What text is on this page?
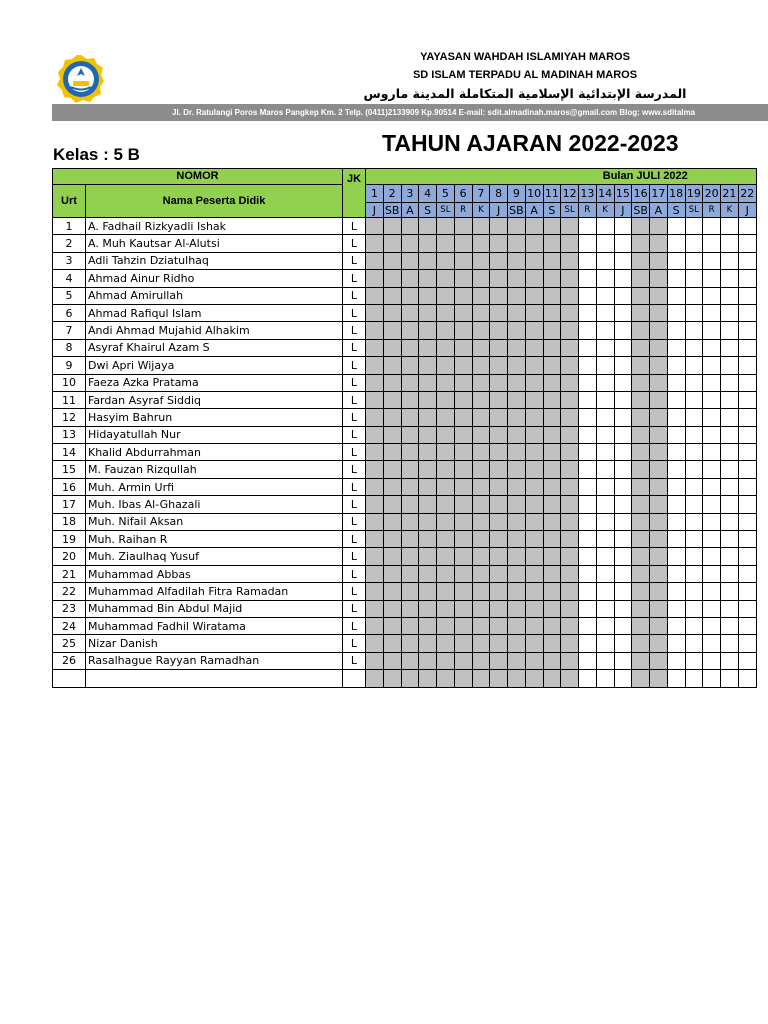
YAYASAN WAHDAH ISLAMIYAH MAROS
SD ISLAM TERPADU AL MADINAH MAROS
المدرسة الإبتدائية الإسلامية المتكاملة المدينة ماروس
Jl. Dr. Ratulangi Poros Maros Pangkep Km. 2 Telp. (0411)2133909 Kp.90514 E-mail: sdit.almadinah.maros@gmail.com Blog: www.sditalma
Kelas : 5 B	TAHUN AJARAN 2022-2023
NOMOR		JK	Bulan JULI 2022																					
Urt	Nama Peserta Didik		1	2	3	4	5	6	7	8	9	10	11	12	13	14	15	16	17	18	19	20	21	22
			J	SB	A	S	SL	R	K	J	SB	A	S	SL	R	K	J	SB	A	S	SL	R	K	J
1	A. Fadhail Rizkyadli Ishak	L																						
2	A. Muh Kautsar Al-Alutsi	L																						
3	Adli Tahzin Dziatulhaq	L																						
4	Ahmad Ainur Ridho	L																						
5	Ahmad Amirullah	L																						
6	Ahmad Rafiqul Islam	L																						
7	Andi Ahmad Mujahid Alhakim	L																						
8	Asyraf Khairul Azam S	L																						
9	Dwi Apri Wijaya	L																						
10	Faeza Azka Pratama	L																						
11	Fardan Asyraf Siddiq	L																						
12	Hasyim Bahrun	L																						
13	Hidayatullah Nur	L																						
14	Khalid Abdurrahman	L																						
15	M. Fauzan Rizqullah	L																						
16	Muh. Armin Urfi	L																						
17	Muh. Ibas Al-Ghazali	L																						
18	Muh. Nifail Aksan	L																						
19	Muh. Raihan R	L																						
20	Muh. Ziaulhaq Yusuf	L																						
21	Muhammad Abbas	L																						
22	Muhammad Alfadilah Fitra Ramadan	L																						
23	Muhammad Bin Abdul Majid	L																						
24	Muhammad Fadhil Wiratama	L																						
25	Nizar Danish	L																						
26	Rasalhague Rayyan Ramadhan	L																						
